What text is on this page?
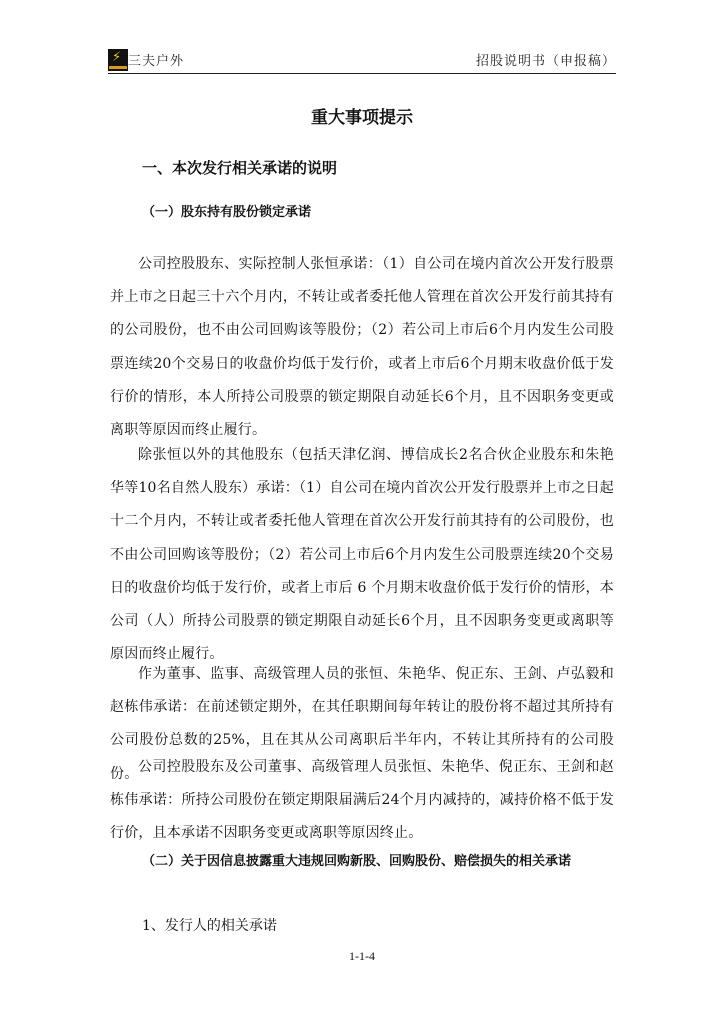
⚡ 三夫户外	招股说明书（申报稿）
重大事项提示
一、本次发行相关承诺的说明
（一）股东持有股份锁定承诺

公司控股股东、实际控制人张恒承诺：（1）自公司在境内首次公开发行股票并上市之日起三十六个月内，不转让或者委托他人管理在首次公开发行前其持有的公司股份，也不由公司回购该等股份；（2）若公司上市后6个月内发生公司股票连续20个交易日的收盘价均低于发行价，或者上市后6个月期末收盘价低于发行价的情形，本人所持公司股票的锁定期限自动延长6个月，且不因职务变更或离职等原因而终止履行。

除张恒以外的其他股东（包括天津亿润、博信成长2名合伙企业股东和朱艳华等10名自然人股东）承诺：（1）自公司在境内首次公开发行股票并上市之日起十二个月内，不转让或者委托他人管理在首次公开发行前其持有的公司股份，也不由公司回购该等股份；（2）若公司上市后6个月内发生公司股票连续20个交易日的收盘价均低于发行价，或者上市后 6 个月期末收盘价低于发行价的情形，本公司（人）所持公司股票的锁定期限自动延长6个月，且不因职务变更或离职等原因而终止履行。

作为董事、监事、高级管理人员的张恒、朱艳华、倪正东、王剑、卢弘毅和赵栋伟承诺：在前述锁定期外，在其任职期间每年转让的股份将不超过其所持有公司股份总数的25%，且在其从公司离职后半年内，不转让其所持有的公司股份。 公司控股股东及公司董事、高级管理人员张恒、朱艳华、倪正东、王剑和赵栋伟承诺：所持公司股份在锁定期限届满后24个月内减持的，减持价格不低于发行价，且本承诺不因职务变更或离职等原因终止。

（二）关于因信息披露重大违规回购新股、回购股份、赔偿损失的相关承诺
1、发行人的相关承诺
1-1-4
